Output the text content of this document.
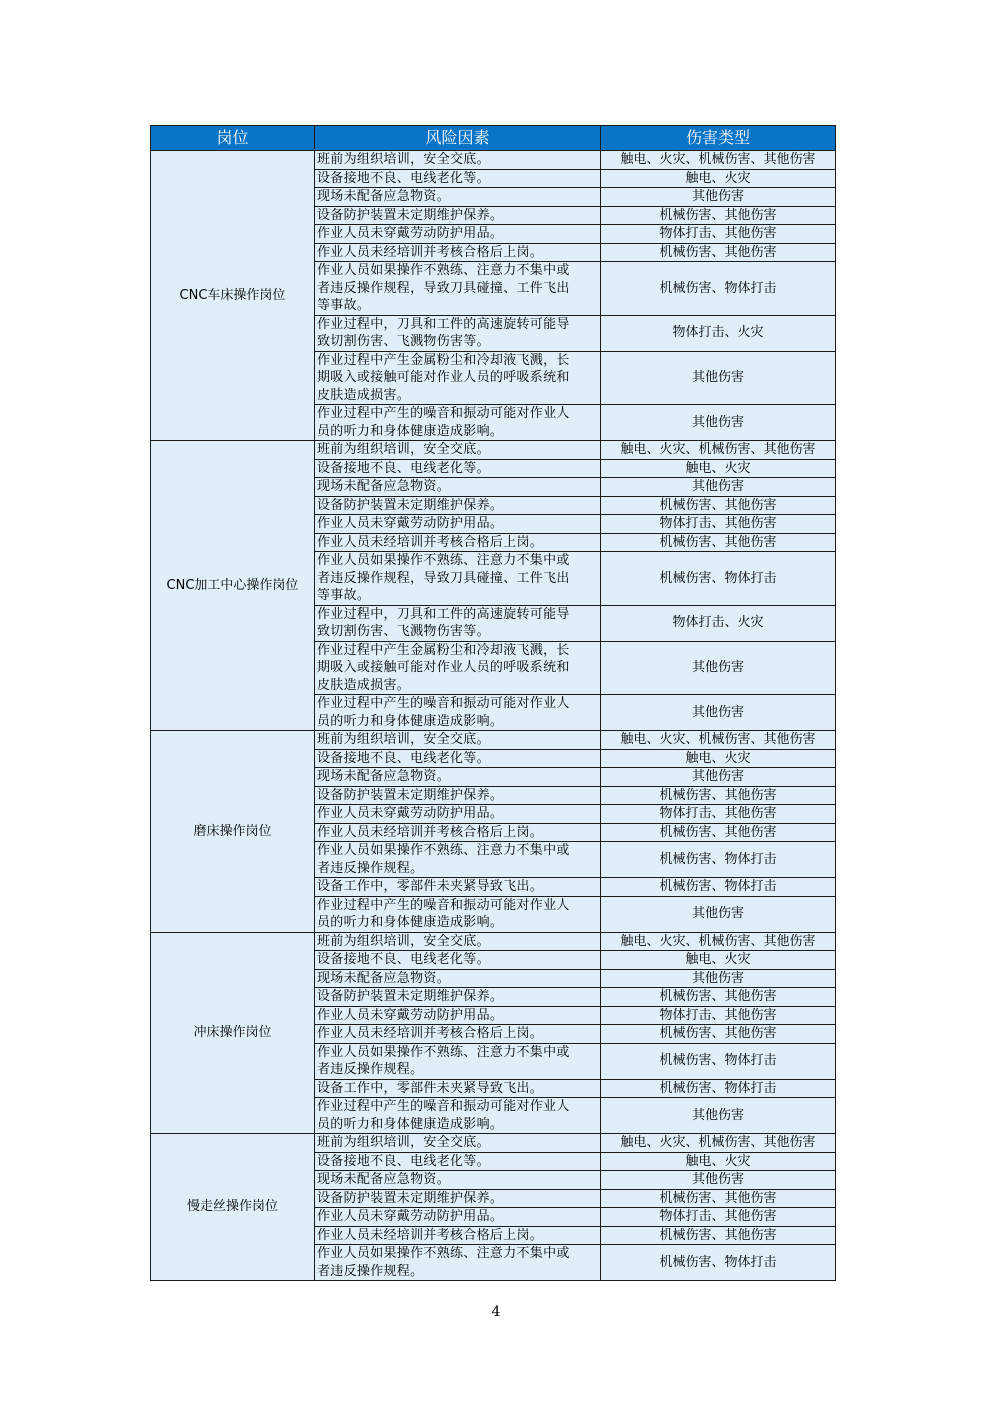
岗位	风险因素	伤害类型
CNC车床操作岗位	班前为组织培训，安全交底。	触电、火灾、机械伤害、其他伤害
	设备接地不良、电线老化等。	触电、火灾
	现场未配备应急物资。	其他伤害
	设备防护装置未定期维护保养。	机械伤害、其他伤害
	作业人员未穿戴劳动防护用品。	物体打击、其他伤害
	作业人员未经培训并考核合格后上岗。	机械伤害、其他伤害
	作业人员如果操作不熟练、注意力不集中或
者违反操作规程，导致刀具碰撞、工件飞出
等事故。	机械伤害、物体打击
	作业过程中，刀具和工件的高速旋转可能导
致切割伤害、飞溅物伤害等。	物体打击、火灾
	作业过程中产生金属粉尘和冷却液飞溅，长
期吸入或接触可能对作业人员的呼吸系统和
皮肤造成损害。	其他伤害
	作业过程中产生的噪音和振动可能对作业人
员的听力和身体健康造成影响。	其他伤害
CNC加工中心操作岗位	班前为组织培训，安全交底。	触电、火灾、机械伤害、其他伤害
	设备接地不良、电线老化等。	触电、火灾
	现场未配备应急物资。	其他伤害
	设备防护装置未定期维护保养。	机械伤害、其他伤害
	作业人员未穿戴劳动防护用品。	物体打击、其他伤害
	作业人员未经培训并考核合格后上岗。	机械伤害、其他伤害
	作业人员如果操作不熟练、注意力不集中或
者违反操作规程，导致刀具碰撞、工件飞出
等事故。	机械伤害、物体打击
	作业过程中，刀具和工件的高速旋转可能导
致切割伤害、飞溅物伤害等。	物体打击、火灾
	作业过程中产生金属粉尘和冷却液飞溅，长
期吸入或接触可能对作业人员的呼吸系统和
皮肤造成损害。	其他伤害
	作业过程中产生的噪音和振动可能对作业人
员的听力和身体健康造成影响。	其他伤害
磨床操作岗位	班前为组织培训，安全交底。	触电、火灾、机械伤害、其他伤害
	设备接地不良、电线老化等。	触电、火灾
	现场未配备应急物资。	其他伤害
	设备防护装置未定期维护保养。	机械伤害、其他伤害
	作业人员未穿戴劳动防护用品。	物体打击、其他伤害
	作业人员未经培训并考核合格后上岗。	机械伤害、其他伤害
	作业人员如果操作不熟练、注意力不集中或
者违反操作规程。	机械伤害、物体打击
	设备工作中，零部件未夹紧导致飞出。	机械伤害、物体打击
	作业过程中产生的噪音和振动可能对作业人
员的听力和身体健康造成影响。	其他伤害
冲床操作岗位	班前为组织培训，安全交底。	触电、火灾、机械伤害、其他伤害
	设备接地不良、电线老化等。	触电、火灾
	现场未配备应急物资。	其他伤害
	设备防护装置未定期维护保养。	机械伤害、其他伤害
	作业人员未穿戴劳动防护用品。	物体打击、其他伤害
	作业人员未经培训并考核合格后上岗。	机械伤害、其他伤害
	作业人员如果操作不熟练、注意力不集中或
者违反操作规程。	机械伤害、物体打击
	设备工作中，零部件未夹紧导致飞出。	机械伤害、物体打击
	作业过程中产生的噪音和振动可能对作业人
员的听力和身体健康造成影响。	其他伤害
慢走丝操作岗位	班前为组织培训，安全交底。	触电、火灾、机械伤害、其他伤害
	设备接地不良、电线老化等。	触电、火灾
	现场未配备应急物资。	其他伤害
	设备防护装置未定期维护保养。	机械伤害、其他伤害
	作业人员未穿戴劳动防护用品。	物体打击、其他伤害
	作业人员未经培训并考核合格后上岗。	机械伤害、其他伤害
	作业人员如果操作不熟练、注意力不集中或
者违反操作规程。	机械伤害、物体打击
4
